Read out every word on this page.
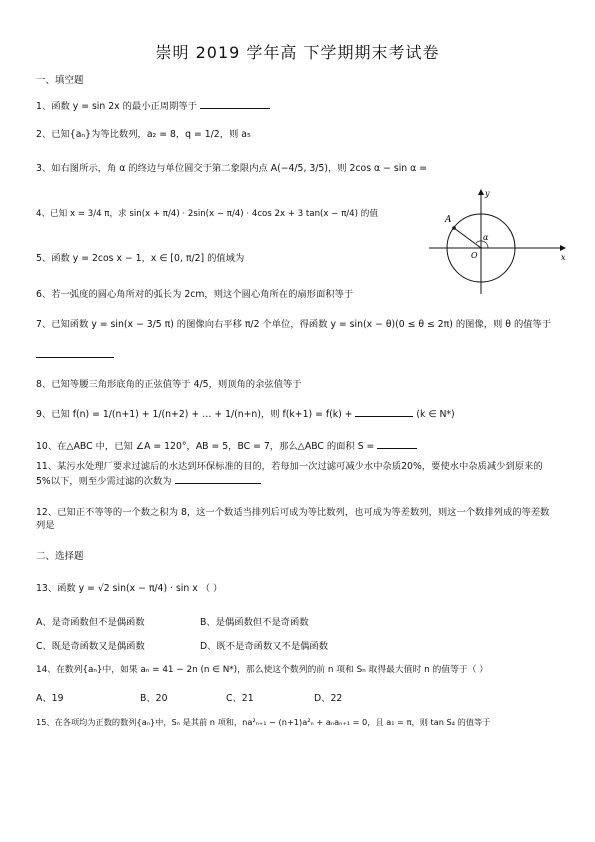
崇明 2019 学年高 下学期期末考试卷
一、填空题
1、函数 y = sin 2x 的最小正周期等于
2、已知{aₙ}为等比数列，a₂ = 8，q = 1/2，则 a₅
3、如右图所示，角 α 的终边与单位圆交于第二象限内点 A(−4/5, 3/5)，则 2cos α − sin α =
4、已知 x = 3/4 π，求 sin(x + π/4) · 2sin(x − π/4) · 4cos 2x + 3 tan(x − π/4) 的值
5、函数 y = 2cos x − 1，x ∈ [0, π/2] 的值域为
6、若一弧度的圆心角所对的弧长为 2cm，则这个圆心角所在的扇形面积等于
7、已知函数 y = sin(x − 3/5 π) 的图像向右平移 π/2 个单位，得函数 y = sin(x − θ)(0 ≤ θ ≤ 2π) 的图像，则 θ 的值等于

8、已知等腰三角形底角的正弦值等于 4/5，则顶角的余弦值等于
9、已知 f(n) = 1/(n+1) + 1/(n+2) + … + 1/(n+n)，则 f(k+1) = f(k) +	(k ∈ N*)
10、在△ABC 中，已知 ∠A = 120°，AB = 5，BC = 7，那么△ABC 的面积 S =
11、某污水处理厂要求过滤后的水达到环保标准的目的，若每加一次过滤可减少水中杂质20%，要使水中杂质减少到原来的5%以下，则至少需过滤的次数为
12、已知正不等等的一个数之积为 8，这一个数适当排列后可成为等比数列，也可成为等差数列，则这一个数排列成的等差数列是
二、选择题
13、函数 y = √2 sin(x − π/4) · sin x （ ）
A、是奇函数但不是偶函数	B、是偶函数但不是奇函数
C、既是奇函数又是偶函数	D、既不是奇函数又不是偶函数
14、在数列{aₙ}中，如果 aₙ = 41 − 2n (n ∈ N*)，那么使这个数列的前 n 项和 Sₙ 取得最大值时 n 的值等于（ ）
A、19	B、20	C、21	D、22
15、在各项均为正数的数列{aₙ}中，Sₙ 是其前 n 项和，na²ₙ₊₁ − (n+1)a²ₙ + aₙaₙ₊₁ = 0，且 a₁ = π，则 tan S₄ 的值等于
A
α
O	x
y
